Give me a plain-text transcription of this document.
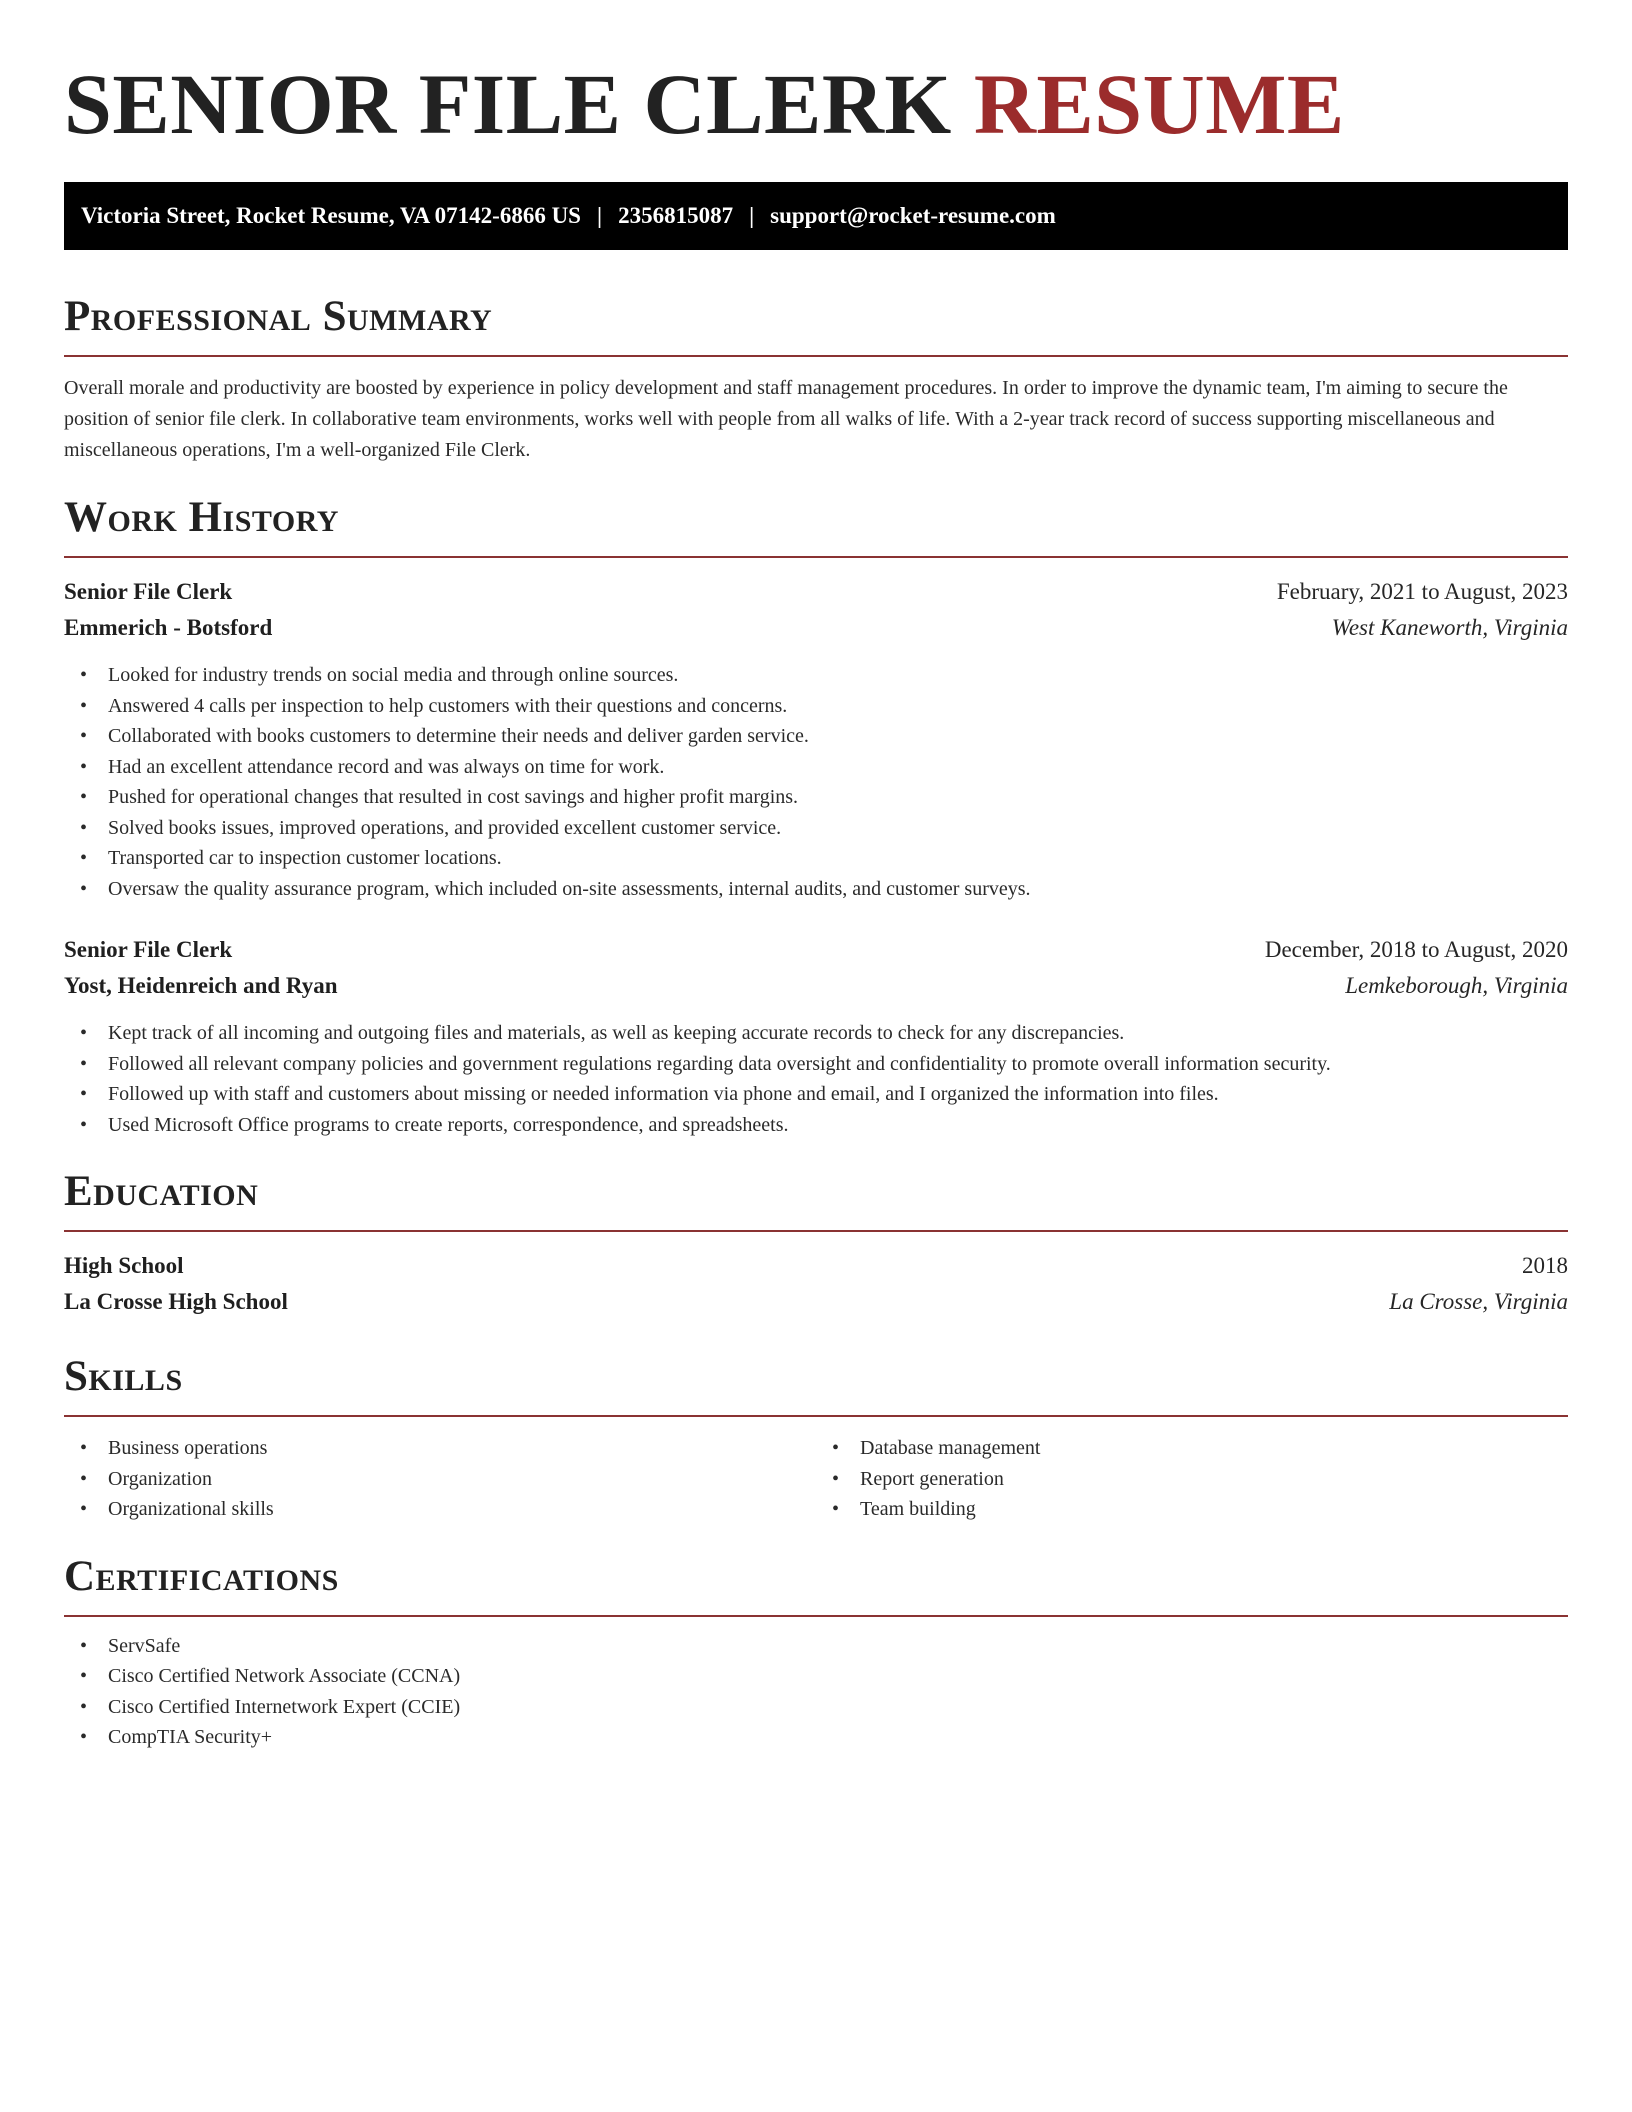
SENIOR FILE CLERK RESUME
Victoria Street, Rocket Resume, VA 07142-6866 US | 2356815087 | support@rocket-resume.com
Professional Summary

Overall morale and productivity are boosted by experience in policy development and staff management procedures. In order to improve the dynamic team, I'm aiming to secure the position of senior file clerk. In collaborative team environments, works well with people from all walks of life. With a 2-year track record of success supporting miscellaneous and miscellaneous operations, I'm a well-organized File Clerk.

Work History
Senior File Clerk	February, 2021 to August, 2023
Emmerich - Botsford	West Kaneworth, Virginia
• Looked for industry trends on social media and through online sources.
• Answered 4 calls per inspection to help customers with their questions and concerns.
• Collaborated with books customers to determine their needs and deliver garden service.
• Had an excellent attendance record and was always on time for work.
• Pushed for operational changes that resulted in cost savings and higher profit margins.
• Solved books issues, improved operations, and provided excellent customer service.
• Transported car to inspection customer locations.
• Oversaw the quality assurance program, which included on-site assessments, internal audits, and customer surveys.
Senior File Clerk	December, 2018 to August, 2020
Yost, Heidenreich and Ryan	Lemkeborough, Virginia
• Kept track of all incoming and outgoing files and materials, as well as keeping accurate records to check for any discrepancies.
• Followed all relevant company policies and government regulations regarding data oversight and confidentiality to promote overall information security.
• Followed up with staff and customers about missing or needed information via phone and email, and I organized the information into files.
• Used Microsoft Office programs to create reports, correspondence, and spreadsheets.
Education
High School	2018
La Crosse High School	La Crosse, Virginia
Skills
• Business operations
• Organization
• Organizational skills
• Database management
• Report generation
• Team building
Certifications
• ServSafe
• Cisco Certified Network Associate (CCNA)
• Cisco Certified Internetwork Expert (CCIE)
• CompTIA Security+
